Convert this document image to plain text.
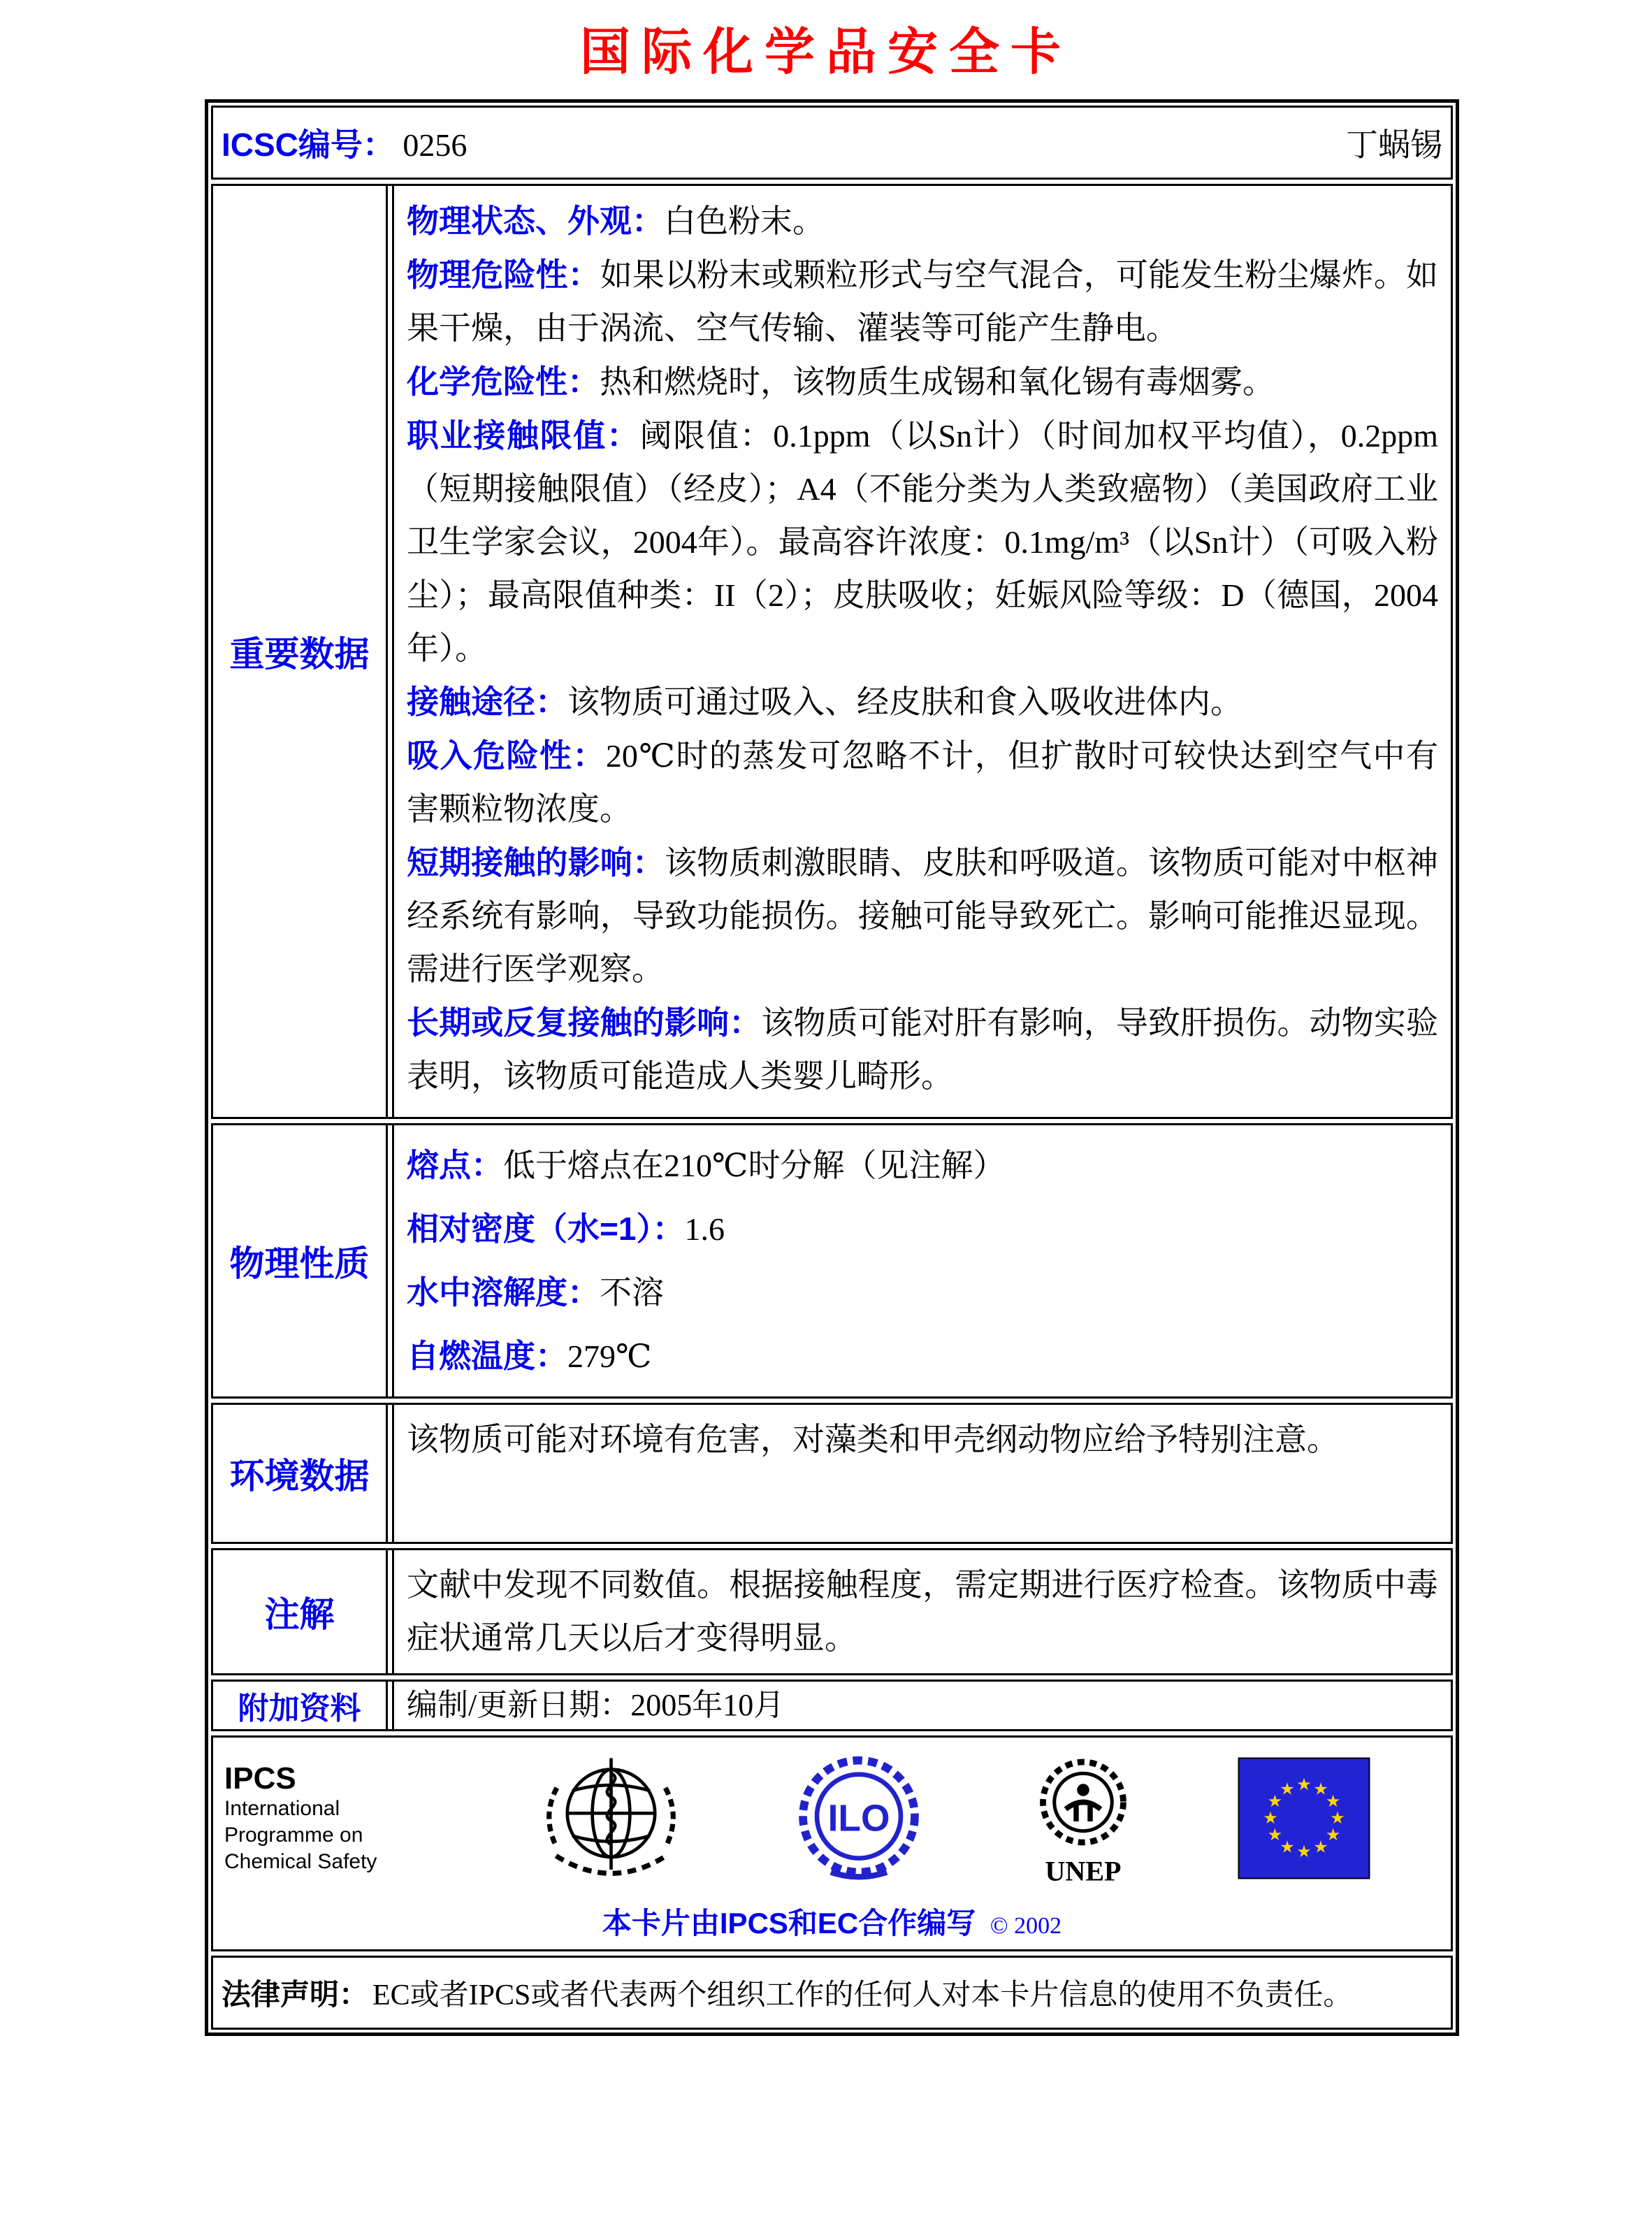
国际化学品安全卡
ICSC编号： 0256	丁蜗锡
重要数据

物理状态、外观：白色粉末。

物理危险性：如果以粉末或颗粒形式与空气混合，可能发生粉尘爆炸。如果干燥，由于涡流、空气传输、灌装等可能产生静电。

化学危险性：热和燃烧时，该物质生成锡和氧化锡有毒烟雾。

职业接触限值：阈限值：0.1ppm（以Sn计）（时间加权平均值），0.2ppm（短期接触限值）（经皮）；A4（不能分类为人类致癌物）（美国政府工业卫生学家会议，2004年）。最高容许浓度：0.1mg/m³（以Sn计）（可吸入粉尘）；最高限值种类：II（2）；皮肤吸收；妊娠风险等级：D（德国，2004年）。

接触途径：该物质可通过吸入、经皮肤和食入吸收进体内。

吸入危险性：20℃时的蒸发可忽略不计，但扩散时可较快达到空气中有害颗粒物浓度。

短期接触的影响：该物质刺激眼睛、皮肤和呼吸道。该物质可能对中枢神经系统有影响，导致功能损伤。接触可能导致死亡。影响可能推迟显现。需进行医学观察。

长期或反复接触的影响：该物质可能对肝有影响，导致肝损伤。动物实验表明，该物质可能造成人类婴儿畸形。

物理性质

熔点：低于熔点在210℃时分解（见注解）

相对密度（水=1）：1.6

水中溶解度：不溶

自燃温度：279℃

环境数据

该物质可能对环境有危害，对藻类和甲壳纲动物应给予特别注意。

注解

文献中发现不同数值。根据接触程度，需定期进行医疗检查。该物质中毒症状通常几天以后才变得明显。

附加资料	编制/更新日期：2005年10月

IPCS
International
Programme on
Chemical Safety
ILO
UNEP
★ ★
★
★
★
★
★
★
★
★
★
★
本卡片由IPCS和EC合作编写 © 2002
法律声明： EC或者IPCS或者代表两个组织工作的任何人对本卡片信息的使用不负责任。
